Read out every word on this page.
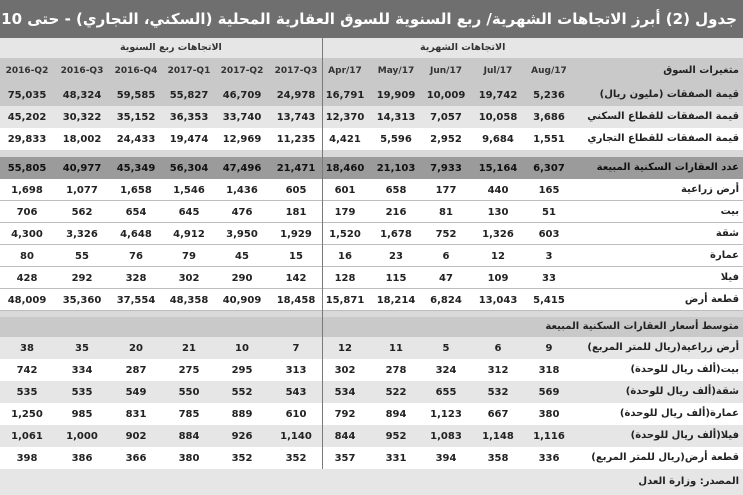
جدول (2) أبرز الاتجاهات الشهرية/ ربع السنوية للسوق العقارية المحلية (السكني، التجاري) - حتى 10
الاتجاهات ربع السنوية	الاتجاهات الشهرية
2016-Q2	2016-Q3	2016-Q4	2017-Q1	2017-Q2	2017-Q3	Apr/17	May/17	Jun/17	Jul/17	Aug/17	متغيرات السوق
قيمة الصفقات (مليون ريال)
75,035	48,324	59,585	55,827	46,709	24,978	16,791	19,909	10,009	19,742	5,236
قيمة الصفقات للقطاع السكني
45,202	30,322	35,152	36,353	33,740	13,743	12,370	14,313	7,057	10,058	3,686
قيمة الصفقات للقطاع التجاري
29,833	18,002	24,433	19,474	12,969	11,235	4,421	5,596	2,952	9,684	1,551
عدد العقارات السكنية المبيعة
55,805	40,977	45,349	56,304	47,496	21,471	18,460	21,103	7,933	15,164	6,307
أرض زراعية
1,698	1,077	1,658	1,546	1,436	605	601	658	177	440	165
بيت
706	562	654	645	476	181	179	216	81	130	51
شقة
4,300	3,326	4,648	4,912	3,950	1,929	1,520	1,678	752	1,326	603
عمارة
80	55	76	79	45	15	16	23	6	12	3
فيلا
428	292	328	302	290	142	128	115	47	109	33
قطعة أرض
48,009	35,360	37,554	48,358	40,909	18,458	15,871	18,214	6,824	13,043	5,415
متوسط أسعار العقارات السكنية المبيعة
أرض زراعية(ريال للمتر المربع)
38	35	20	21	10	7	12	11	5	6	9
بيت(ألف ريال للوحدة)
742	334	287	275	295	313	302	278	324	312	318
شقة(ألف ريال للوحدة)
535	535	549	550	552	543	534	522	655	532	569
عمارة(ألف ريال للوحدة)
1,250	985	831	785	889	610	792	894	1,123	667	380
فيلا(ألف ريال للوحدة)
1,061	1,000	902	884	926	1,140	844	952	1,083	1,148	1,116
قطعة أرض(ريال للمتر المربع)
398	386	366	380	352	352	357	331	394	358	336
المصدر: وزارة العدل
